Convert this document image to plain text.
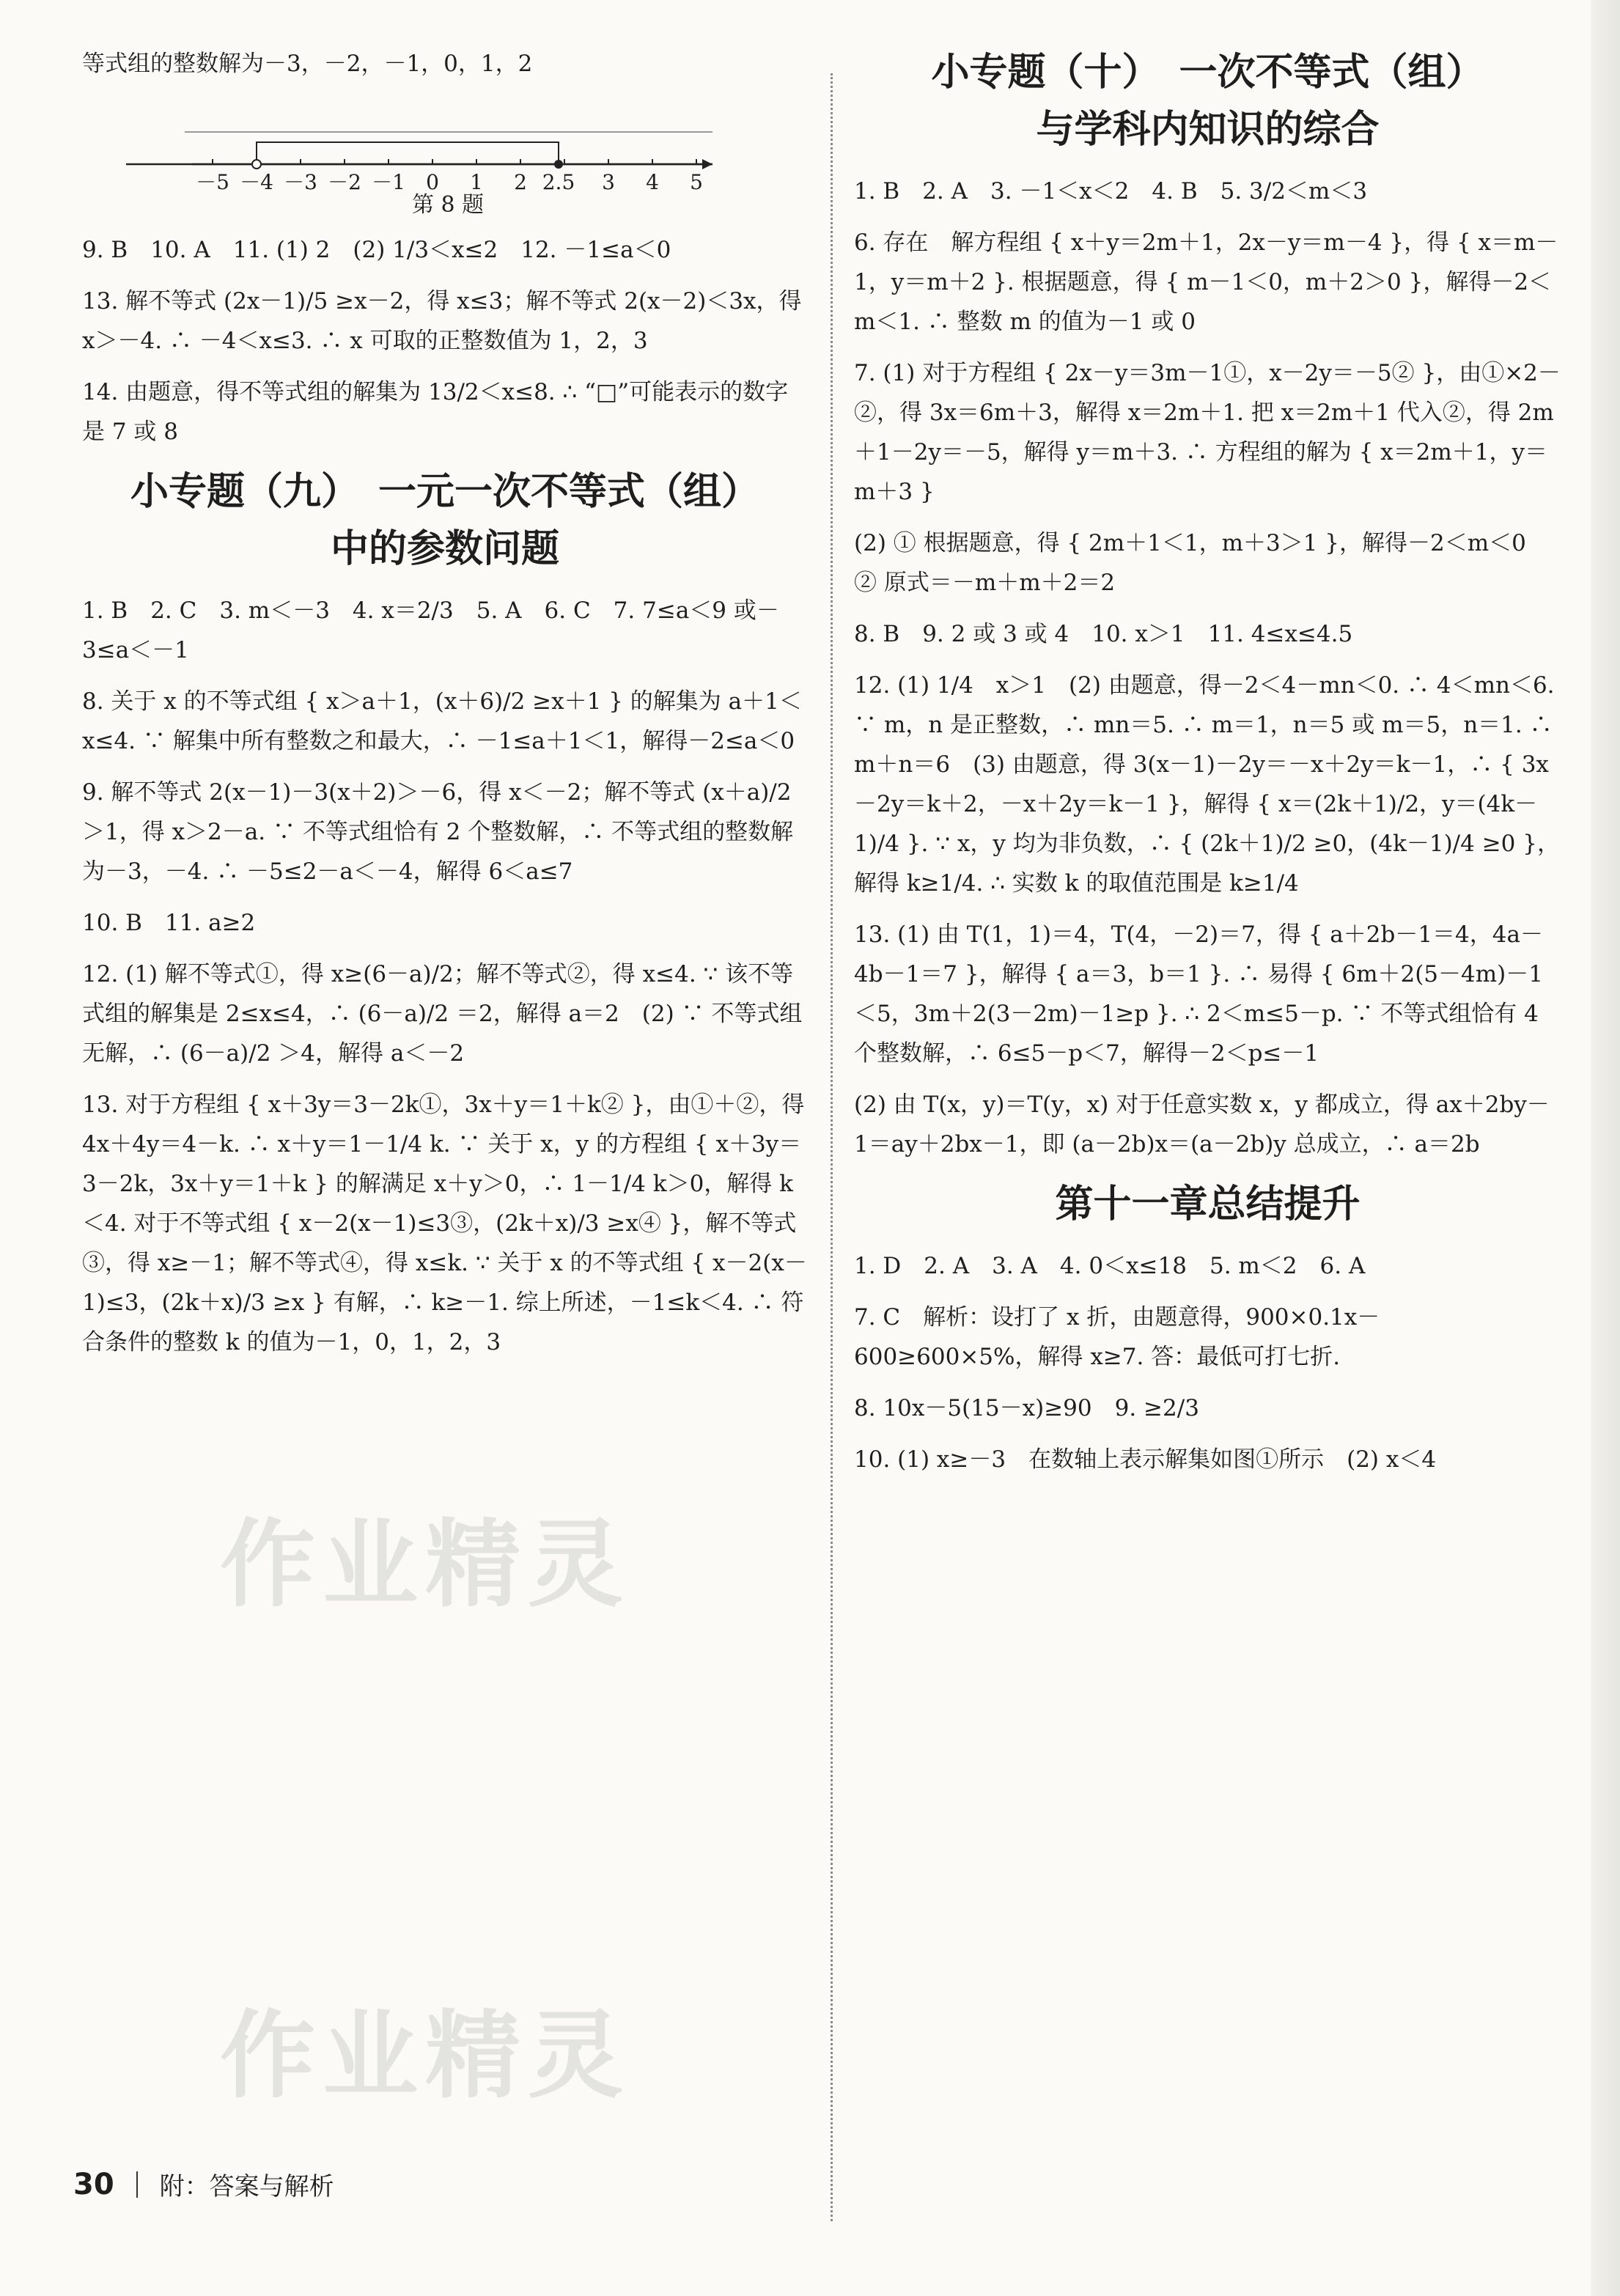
等式组的整数解为－3，－2，－1，0，1，2
－5 －4 －3 －2 －1 0 1 2 2.5 3 4 5
第 8 题
9. B　10. A　11. (1) 2　(2) 1/3＜x≤2　12. －1≤a＜0
13. 解不等式 (2x－1)/5 ≥x－2，得 x≤3；解不等式 2(x－2)＜3x，得 x＞－4. ∴ －4＜x≤3. ∴ x 可取的正整数值为 1，2，3
14. 由题意，得不等式组的解集为 13/2＜x≤8. ∴ “□”可能表示的数字是 7 或 8
小专题（九）　一元一次不等式（组）
中的参数问题
1. B　2. C　3. m＜－3　4. x＝2/3　5. A　6. C　7. 7≤a＜9 或－3≤a＜－1
8. 关于 x 的不等式组 { x＞a＋1，(x＋6)/2 ≥x＋1 } 的解集为 a＋1＜x≤4. ∵ 解集中所有整数之和最大，∴ －1≤a＋1＜1，解得－2≤a＜0
9. 解不等式 2(x－1)－3(x＋2)＞－6，得 x＜－2；解不等式 (x＋a)/2 ＞1，得 x＞2－a. ∵ 不等式组恰有 2 个整数解，∴ 不等式组的整数解为－3，－4. ∴ －5≤2－a＜－4，解得 6＜a≤7
10. B　11. a≥2
12. (1) 解不等式①，得 x≥(6－a)/2；解不等式②，得 x≤4. ∵ 该不等式组的解集是 2≤x≤4，∴ (6－a)/2 ＝2，解得 a＝2　(2) ∵ 不等式组无解，∴ (6－a)/2 ＞4，解得 a＜－2
13. 对于方程组 { x＋3y＝3－2k①，3x＋y＝1＋k② }，由①＋②，得 4x＋4y＝4－k. ∴ x＋y＝1－1/4 k. ∵ 关于 x，y 的方程组 { x＋3y＝3－2k，3x＋y＝1＋k } 的解满足 x＋y＞0，∴ 1－1/4 k＞0，解得 k＜4. 对于不等式组 { x－2(x－1)≤3③，(2k＋x)/3 ≥x④ }，解不等式③，得 x≥－1；解不等式④，得 x≤k. ∵ 关于 x 的不等式组 { x－2(x－1)≤3，(2k＋x)/3 ≥x } 有解，∴ k≥－1. 综上所述，－1≤k＜4. ∴ 符合条件的整数 k 的值为－1，0，1，2，3
小专题（十）　一次不等式（组）
与学科内知识的综合
1. B　2. A　3. －1＜x＜2　4. B　5. 3/2＜m＜3
6. 存在　解方程组 { x＋y＝2m＋1，2x－y＝m－4 }，得 { x＝m－1，y＝m＋2 }. 根据题意，得 { m－1＜0，m＋2＞0 }，解得－2＜m＜1. ∴ 整数 m 的值为－1 或 0
7. (1) 对于方程组 { 2x－y＝3m－1①，x－2y＝－5② }，由①×2－②，得 3x＝6m＋3，解得 x＝2m＋1. 把 x＝2m＋1 代入②，得 2m＋1－2y＝－5，解得 y＝m＋3. ∴ 方程组的解为 { x＝2m＋1，y＝m＋3 }
(2) ① 根据题意，得 { 2m＋1＜1，m＋3＞1 }，解得－2＜m＜0　② 原式＝－m＋m＋2＝2
8. B　9. 2 或 3 或 4　10. x＞1　11. 4≤x≤4.5
12. (1) 1/4　x＞1　(2) 由题意，得－2＜4－mn＜0. ∴ 4＜mn＜6. ∵ m，n 是正整数，∴ mn＝5. ∴ m＝1，n＝5 或 m＝5，n＝1. ∴ m＋n＝6　(3) 由题意，得 3(x－1)－2y＝－x＋2y＝k－1，∴ { 3x－2y＝k＋2，－x＋2y＝k－1 }，解得 { x＝(2k＋1)/2，y＝(4k－1)/4 }. ∵ x，y 均为非负数，∴ { (2k＋1)/2 ≥0，(4k－1)/4 ≥0 }，解得 k≥1/4. ∴ 实数 k 的取值范围是 k≥1/4
13. (1) 由 T(1，1)＝4，T(4，－2)＝7，得 { a＋2b－1＝4，4a－4b－1＝7 }，解得 { a＝3，b＝1 }. ∴ 易得 { 6m＋2(5－4m)－1＜5，3m＋2(3－2m)－1≥p }. ∴ 2＜m≤5－p. ∵ 不等式组恰有 4 个整数解，∴ 6≤5－p＜7，解得－2＜p≤－1
(2) 由 T(x，y)＝T(y，x) 对于任意实数 x，y 都成立，得 ax＋2by－1＝ay＋2bx－1，即 (a－2b)x＝(a－2b)y 总成立，∴ a＝2b
第十一章总结提升
1. D　2. A　3. A　4. 0＜x≤18　5. m＜2　6. A
7. C　解析：设打了 x 折，由题意得，900×0.1x－600≥600×5%，解得 x≥7. 答：最低可打七折.
8. 10x－5(15－x)≥90　9. ≥2/3
10. (1) x≥－3　在数轴上表示解集如图①所示　(2) x＜4
作业精灵
作业精灵
30 附：答案与解析
